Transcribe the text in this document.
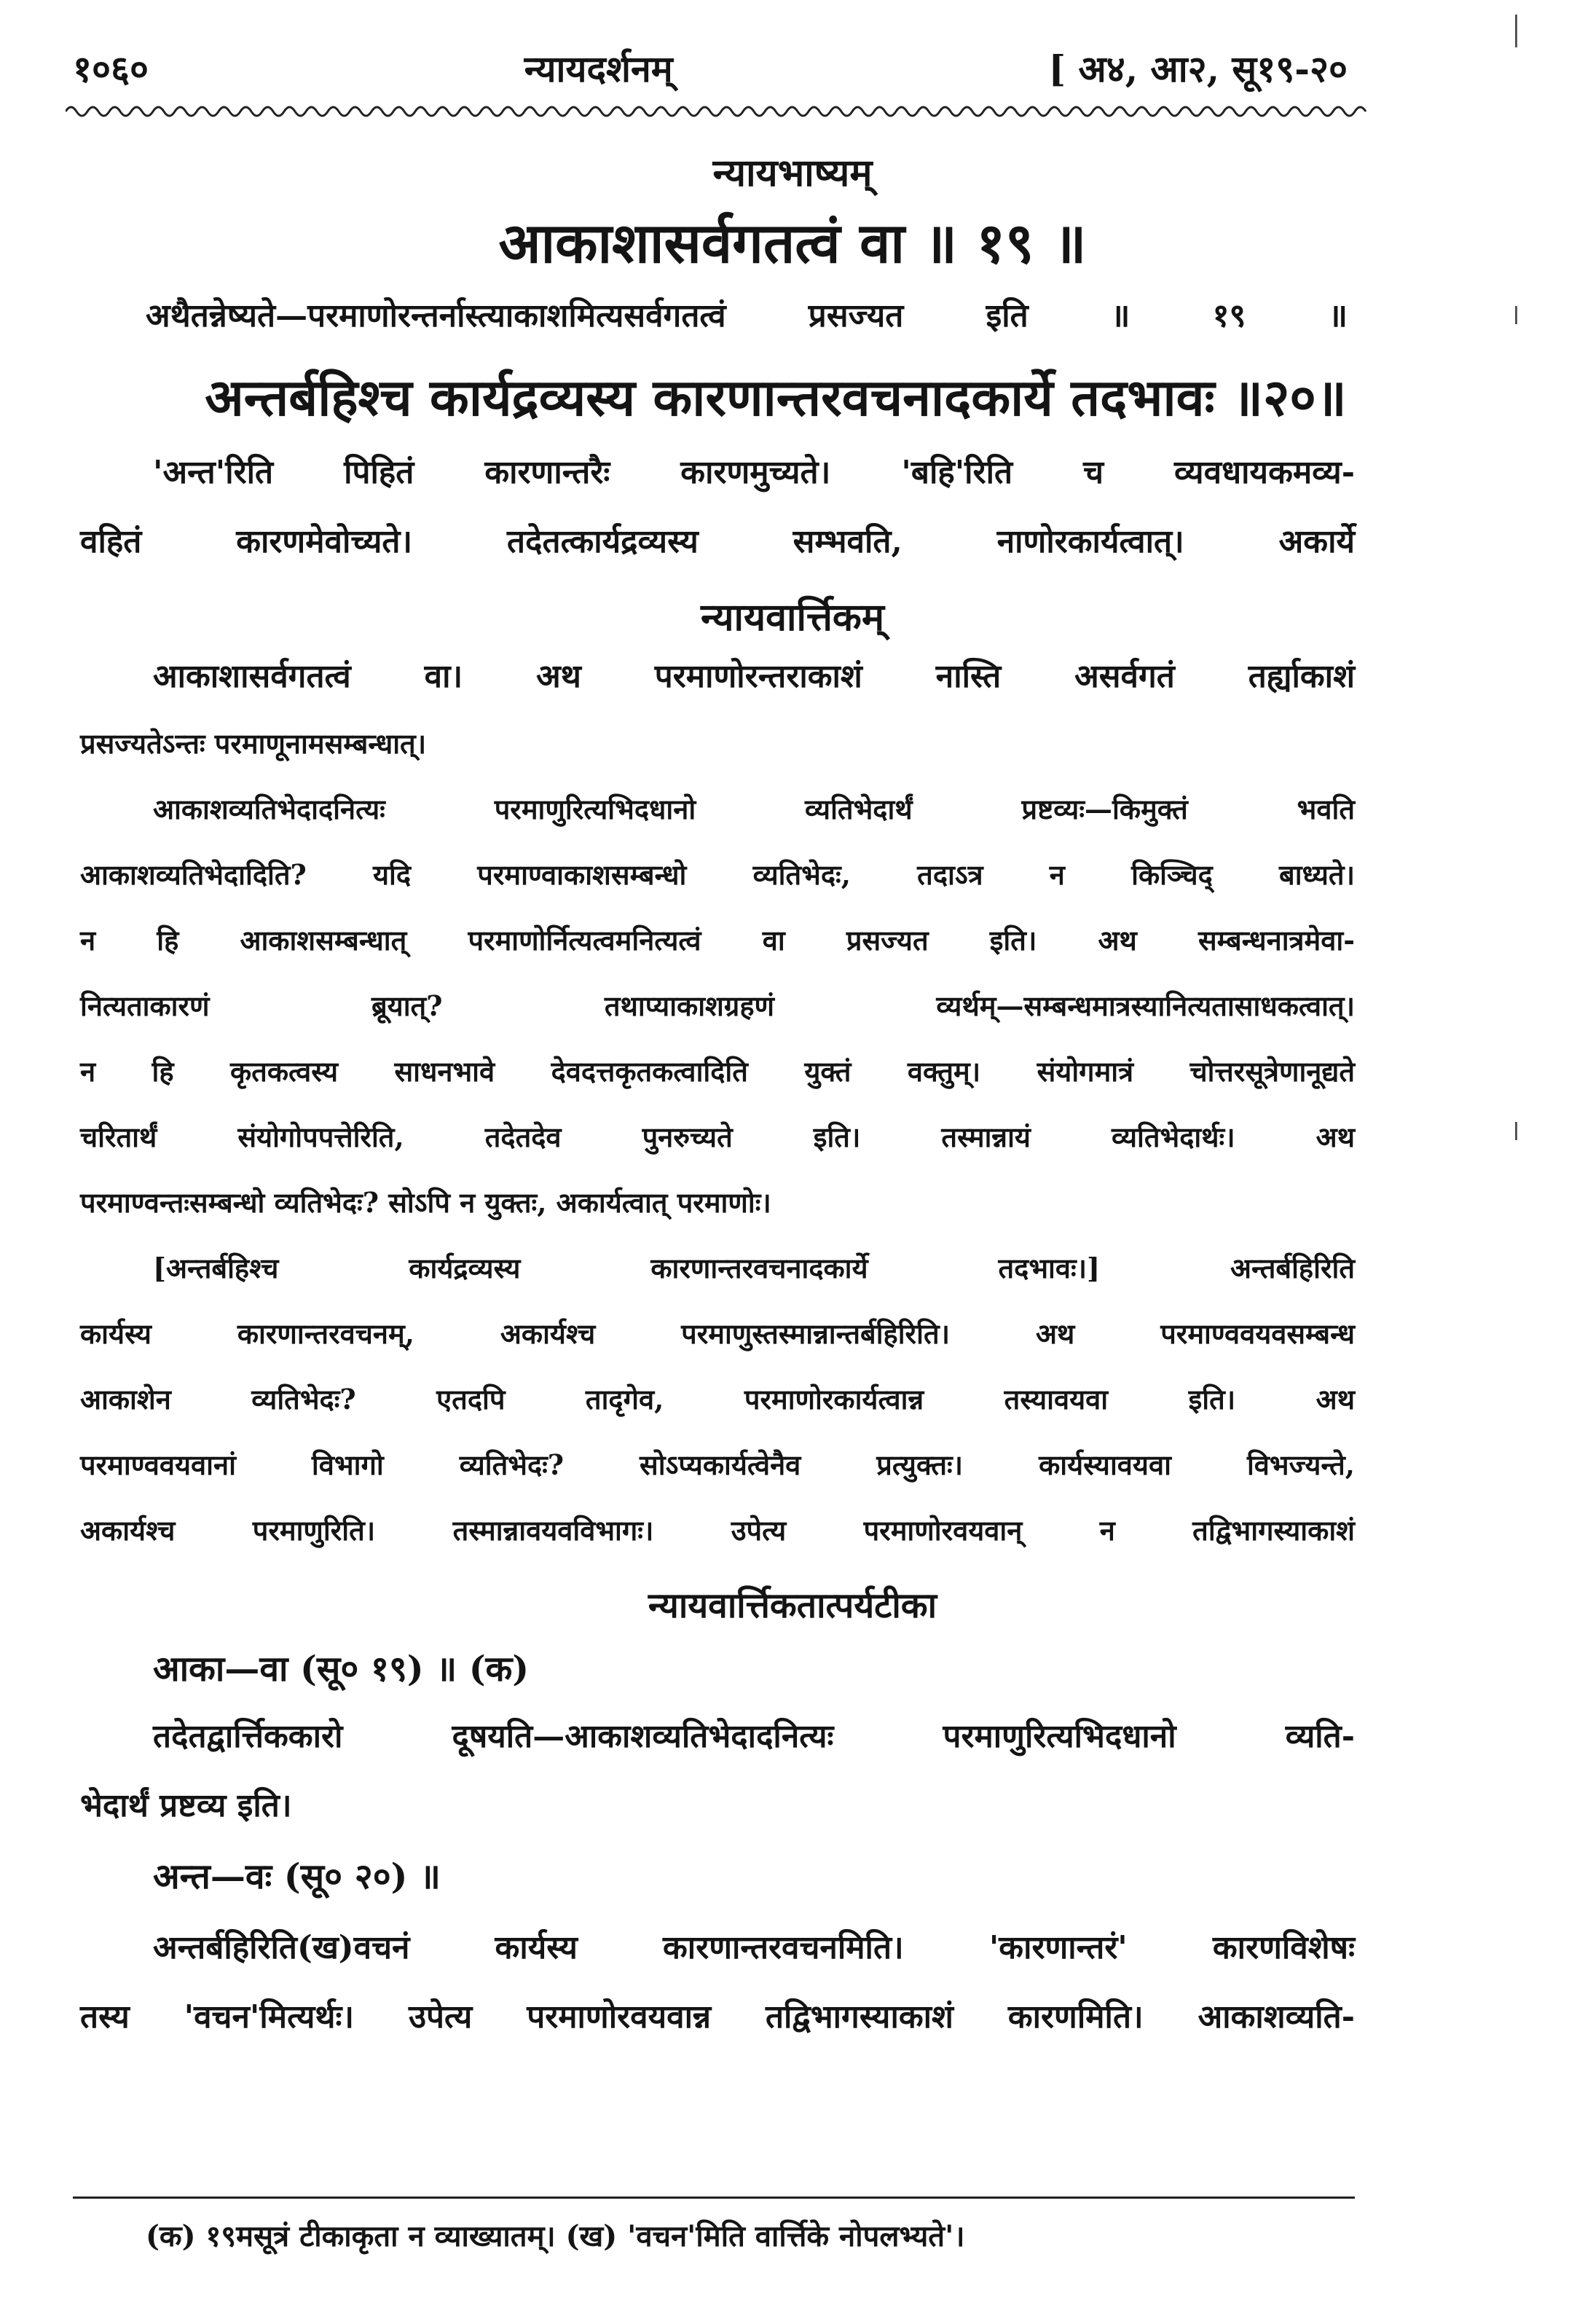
१०६०	न्यायदर्शनम्	[ अ४, आ२, सू१९-२०
न्यायभाष्यम्
आकाशासर्वगतत्वं वा ॥ १९ ॥
अथैतन्नेष्यते—परमाणोरन्तर्नास्त्याकाशमित्यसर्वगतत्वं प्रसज्यत इति ॥ १९ ॥
अन्तर्बहिश्च कार्यद्रव्यस्य कारणान्तरवचनादकार्ये तदभावः ॥२०॥
'अन्त'रिति पिहितं कारणान्तरैः कारणमुच्यते। 'बहि'रिति च व्यवधायकमव्य-
वहितं कारणमेवोच्यते। तदेतत्कार्यद्रव्यस्य सम्भवति, नाणोरकार्यत्वात्। अकार्ये
न्यायवार्त्तिकम्
आकाशासर्वगतत्वं वा। अथ परमाणोरन्तराकाशं नास्ति असर्वगतं तर्ह्याकाशं
प्रसज्यतेऽन्तः परमाणूनामसम्बन्धात्।
आकाशव्यतिभेदादनित्यः परमाणुरित्यभिदधानो व्यतिभेदार्थं प्रष्टव्यः—किमुक्तं भवति
आकाशव्यतिभेदादिति? यदि परमाण्वाकाशसम्बन्धो व्यतिभेदः, तदाऽत्र न किञ्चिद् बाध्यते।
न हि आकाशसम्बन्धात् परमाणोर्नित्यत्वमनित्यत्वं वा प्रसज्यत इति। अथ सम्बन्धनात्रमेवा-
नित्यताकारणं ब्रूयात्? तथाप्याकाशग्रहणं व्यर्थम्—सम्बन्धमात्रस्यानित्यतासाधकत्वात्।
न हि कृतकत्वस्य साधनभावे देवदत्तकृतकत्वादिति युक्तं वक्तुम्। संयोगमात्रं चोत्तरसूत्रेणानूद्यते
चरितार्थं संयोगोपपत्तेरिति, तदेतदेव पुनरुच्यते इति। तस्मान्नायं व्यतिभेदार्थः। अथ
परमाण्वन्तःसम्बन्धो व्यतिभेदः? सोऽपि न युक्तः, अकार्यत्वात् परमाणोः।
[अन्तर्बहिश्च कार्यद्रव्यस्य कारणान्तरवचनादकार्ये तदभावः।] अन्तर्बहिरिति
कार्यस्य कारणान्तरवचनम्, अकार्यश्च परमाणुस्तस्मान्नान्तर्बहिरिति। अथ परमाण्ववयवसम्बन्ध
आकाशेन व्यतिभेदः? एतदपि तादृगेव, परमाणोरकार्यत्वान्न तस्यावयवा इति। अथ
परमाण्ववयवानां विभागो व्यतिभेदः? सोऽप्यकार्यत्वेनैव प्रत्युक्तः। कार्यस्यावयवा विभज्यन्ते,
अकार्यश्च परमाणुरिति। तस्मान्नावयवविभागः। उपेत्य परमाणोरवयवान् न तद्विभागस्याकाशं
न्यायवार्त्तिकतात्पर्यटीका
आका—वा (सू० १९) ॥ (क)
तदेतद्वार्त्तिककारो दूषयति—आकाशव्यतिभेदादनित्यः परमाणुरित्यभिदधानो व्यति-
भेदार्थं प्रष्टव्य इति।
अन्त—वः (सू० २०) ॥
अन्तर्बहिरिति(ख)वचनं कार्यस्य कारणान्तरवचनमिति। 'कारणान्तरं' कारणविशेषः
तस्य 'वचन'मित्यर्थः। उपेत्य परमाणोरवयवान्न तद्विभागस्याकाशं कारणमिति। आकाशव्यति-
(क) १९मसूत्रं टीकाकृता न व्याख्यातम्। (ख) 'वचन'मिति वार्त्तिके नोपलभ्यते'।
